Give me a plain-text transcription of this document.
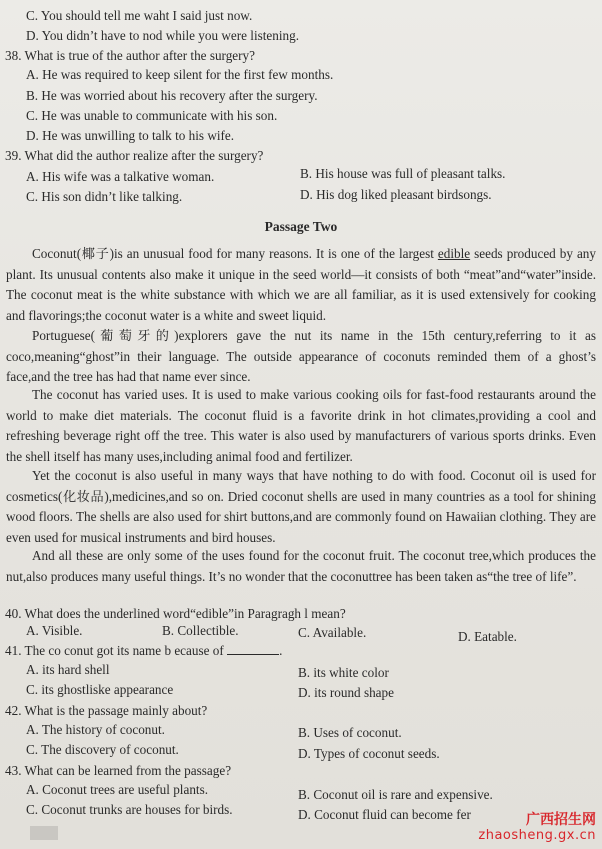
C. You should tell me waht I said just now.
D. You didn’t have to nod while you were listening.
38. What is true of the author after the surgery?
A. He was required to keep silent for the first few months.
B. He was worried about his recovery after the surgery.
C. He was unable to communicate with his son.
D. He was unwilling to talk to his wife.
39. What did the author realize after the surgery?
A. His wife was a talkative woman.	B. His house was full of pleasant talks.
C. His son didn’t like talking.	D. His dog liked pleasant birdsongs.
Passage Two
Coconut(椰子)is an unusual food for many reasons. It is one of the largest edible seeds produced by any plant. Its unusual contents also make it unique in the seed world—it consists of both “meat”and“water”inside. The coconut meat is the white substance with which we are all familiar, as it is used extensively for cooking and flavorings;the coconut water is a white and sweet liquid.
Portuguese(葡萄牙的)explorers gave the nut its name in the 15th century,referring to it as coco,meaning“ghost”in their language. The outside appearance of coconuts reminded them of a ghost’s face,and the tree has had that name ever since.
The coconut has varied uses. It is used to make various cooking oils for fast-food restaurants around the world to make diet materials. The coconut fluid is a favorite drink in hot climates,providing a cool and refreshing beverage right off the tree. This water is also used by manufacturers of various sports drinks. Even the shell itself has many uses,including animal food and fertilizer.
Yet the coconut is also useful in many ways that have nothing to do with food. Coconut oil is used for cosmetics(化妆品),medicines,and so on. Dried coconut shells are used in many countries as a tool for shining wood floors. The shells are also used for shirt buttons,and are commonly found on Hawaiian clothing. They are even used for musical instruments and bird houses.
And all these are only some of the uses found for the coconut fruit. The coconut tree,which produces the nut,also produces many useful things. It’s no wonder that the coconuttree has been taken as“the tree of life”.
40. What does the underlined word“edible”in Paragragh l mean?
A. Visible.	B. Collectible.	C. Available.	D. Eatable.
41. The co conut got its name b ecause of	.
A. its hard shell	B. its white color
C. its ghostliske appearance	D. its round shape
42. What is the passage mainly about?
A. The history of coconut.	B. Uses of coconut.
C. The discovery of coconut.	D. Types of coconut seeds.
43. What can be learned from the passage?
A. Coconut trees are useful plants.	B. Coconut oil is rare and expensive.
C. Coconut trunks are houses for birds.	D. Coconut fluid can become fer	广西招生网
zhaosheng.gx.cn
